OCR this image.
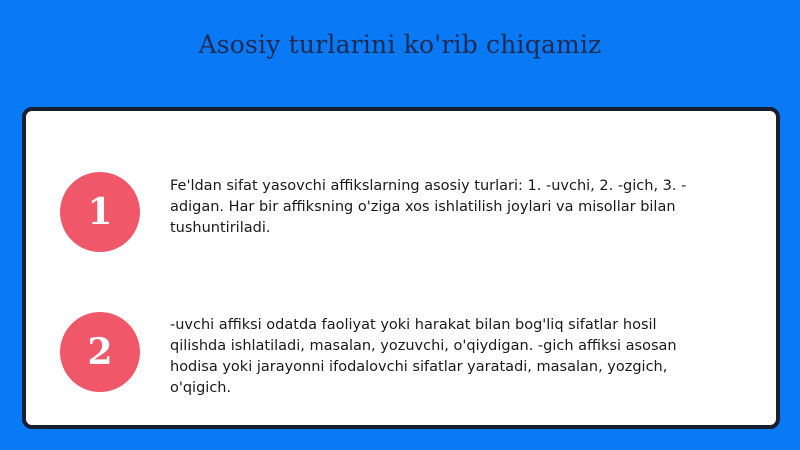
Asosiy turlarini ko'rib chiqamiz
1
Fe'ldan sifat yasovchi affikslarning asosiy turlari: 1. -uvchi, 2. -gich, 3. -adigan. Har bir affiksning o'ziga xos ishlatilish joylari va misollar bilan tushuntiriladi.
2
-uvchi affiksi odatda faoliyat yoki harakat bilan bog'liq sifatlar hosil qilishda ishlatiladi, masalan, yozuvchi, o'qiydigan. -gich affiksi asosan hodisa yoki jarayonni ifodalovchi sifatlar yaratadi, masalan, yozgich, o'qigich.
